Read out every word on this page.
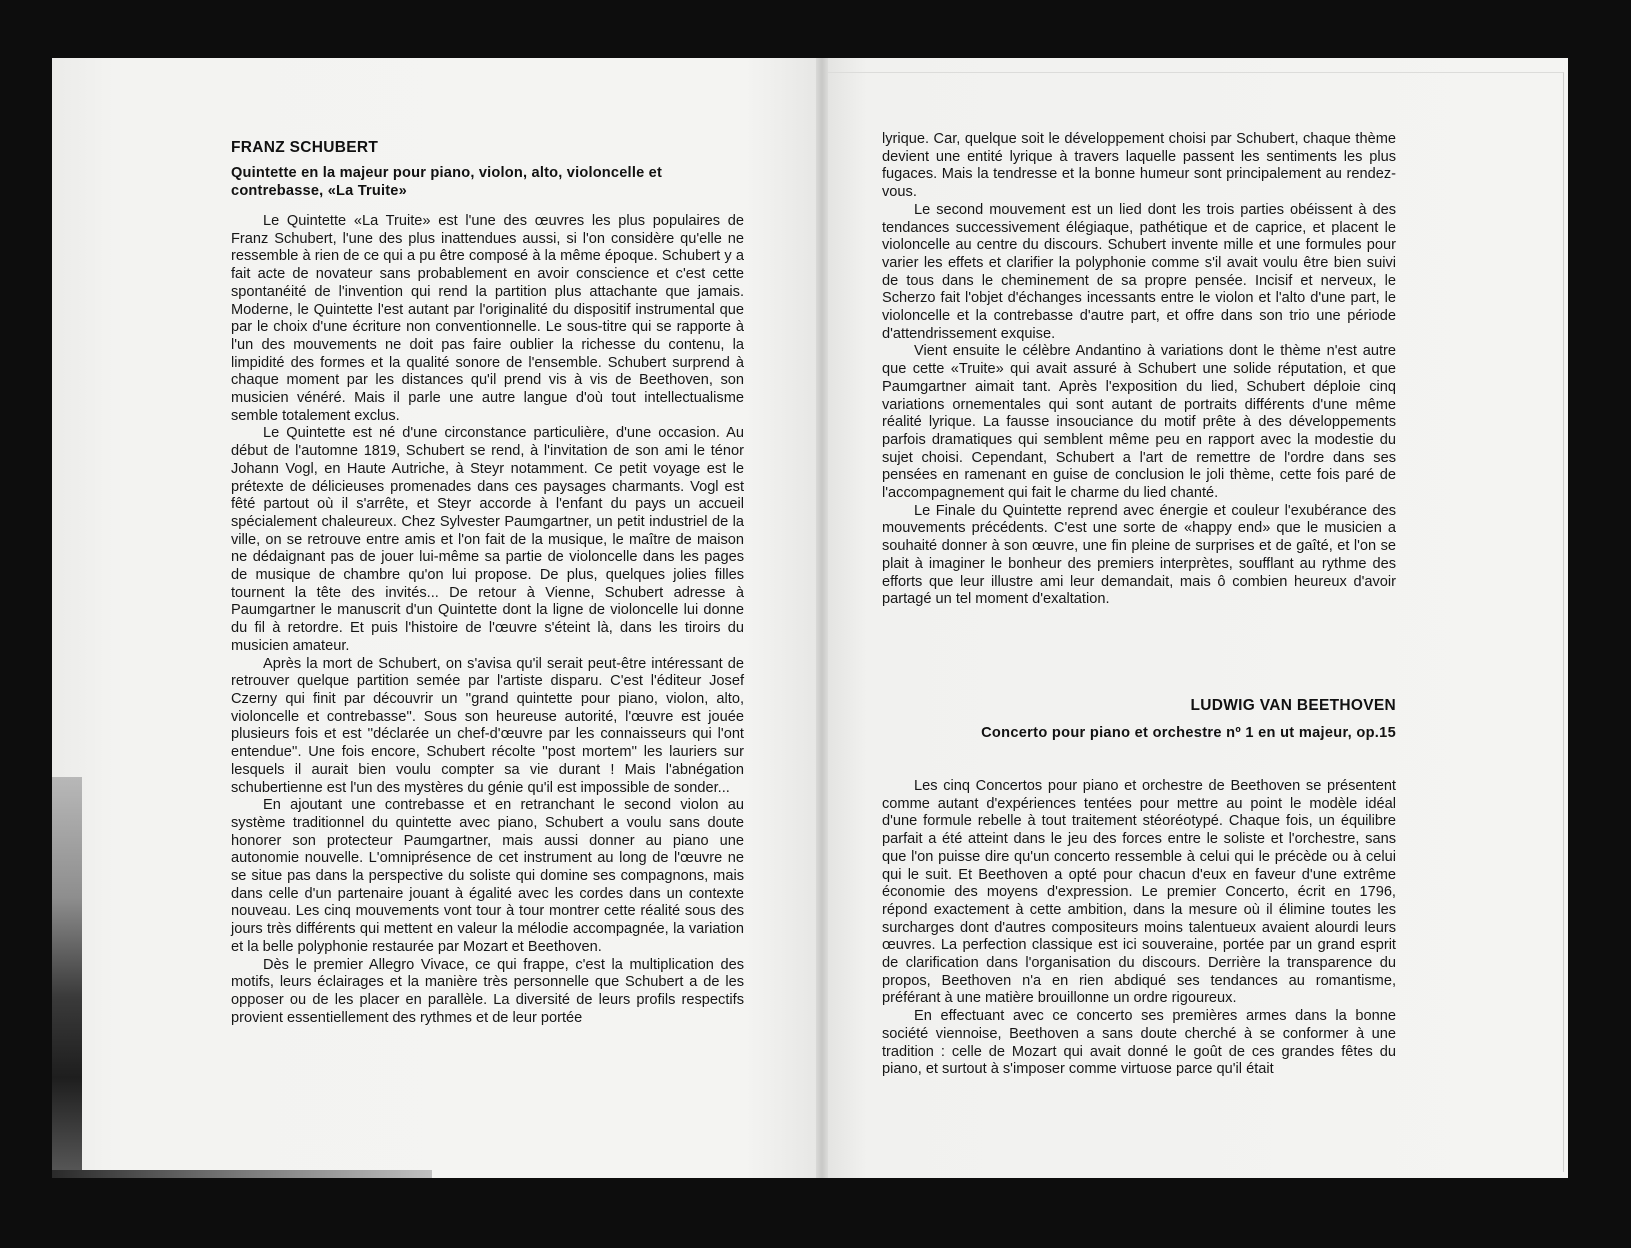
FRANZ SCHUBERT
Quintette en la majeur pour piano, violon, alto, violoncelle et contrebasse, «La Truite»

Le Quintette «La Truite» est l'une des œuvres les plus populaires de Franz Schubert, l'une des plus inattendues aussi, si l'on considère qu'elle ne ressemble à rien de ce qui a pu être composé à la même époque. Schubert y a fait acte de novateur sans probablement en avoir conscience et c'est cette spontanéité de l'invention qui rend la partition plus attachante que jamais. Moderne, le Quintette l'est autant par l'originalité du dispositif instrumental que par le choix d'une écriture non conventionnelle. Le sous-titre qui se rapporte à l'un des mouvements ne doit pas faire oublier la richesse du contenu, la limpidité des formes et la qualité sonore de l'ensemble. Schubert surprend à chaque moment par les distances qu'il prend vis à vis de Beethoven, son musicien vénéré. Mais il parle une autre langue d'où tout intellectualisme semble totalement exclus.

Le Quintette est né d'une circonstance particulière, d'une occasion. Au début de l'automne 1819, Schubert se rend, à l'invitation de son ami le ténor Johann Vogl, en Haute Autriche, à Steyr notamment. Ce petit voyage est le prétexte de délicieuses promenades dans ces paysages charmants. Vogl est fêté partout où il s'arrête, et Steyr accorde à l'enfant du pays un accueil spécialement chaleureux. Chez Sylvester Paumgartner, un petit industriel de la ville, on se retrouve entre amis et l'on fait de la musique, le maître de maison ne dédaignant pas de jouer lui-même sa partie de violoncelle dans les pages de musique de chambre qu'on lui propose. De plus, quelques jolies filles tournent la tête des invités... De retour à Vienne, Schubert adresse à Paumgartner le manuscrit d'un Quintette dont la ligne de violoncelle lui donne du fil à retordre. Et puis l'histoire de l'œuvre s'éteint là, dans les tiroirs du musicien amateur.

Après la mort de Schubert, on s'avisa qu'il serait peut-être intéressant de retrouver quelque partition semée par l'artiste disparu. C'est l'éditeur Josef Czerny qui finit par découvrir un ''grand quintette pour piano, violon, alto, violoncelle et contrebasse''. Sous son heureuse autorité, l'œuvre est jouée plusieurs fois et est ''déclarée un chef-d'œuvre par les connaisseurs qui l'ont entendue''. Une fois encore, Schubert récolte ''post mortem'' les lauriers sur lesquels il aurait bien voulu compter sa vie durant ! Mais l'abnégation schubertienne est l'un des mystères du génie qu'il est impossible de sonder...

En ajoutant une contrebasse et en retranchant le second violon au système traditionnel du quintette avec piano, Schubert a voulu sans doute honorer son protecteur Paumgartner, mais aussi donner au piano une autonomie nouvelle. L'omniprésence de cet instrument au long de l'œuvre ne se situe pas dans la perspective du soliste qui domine ses compagnons, mais dans celle d'un partenaire jouant à égalité avec les cordes dans un contexte nouveau. Les cinq mouvements vont tour à tour montrer cette réalité sous des jours très différents qui mettent en valeur la mélodie accompagnée, la variation et la belle polyphonie restaurée par Mozart et Beethoven.

Dès le premier Allegro Vivace, ce qui frappe, c'est la multiplication des motifs, leurs éclairages et la manière très personnelle que Schubert a de les opposer ou de les placer en parallèle. La diversité de leurs profils respectifs provient essentiellement des rythmes et de leur portée

lyrique. Car, quelque soit le développement choisi par Schubert, chaque thème devient une entité lyrique à travers laquelle passent les sentiments les plus fugaces. Mais la tendresse et la bonne humeur sont principalement au rendez-vous.

Le second mouvement est un lied dont les trois parties obéissent à des tendances successivement élégiaque, pathétique et de caprice, et placent le violoncelle au centre du discours. Schubert invente mille et une formules pour varier les effets et clarifier la polyphonie comme s'il avait voulu être bien suivi de tous dans le cheminement de sa propre pensée. Incisif et nerveux, le Scherzo fait l'objet d'échanges incessants entre le violon et l'alto d'une part, le violoncelle et la contrebasse d'autre part, et offre dans son trio une période d'attendrissement exquise.

Vient ensuite le célèbre Andantino à variations dont le thème n'est autre que cette «Truite» qui avait assuré à Schubert une solide réputation, et que Paumgartner aimait tant. Après l'exposition du lied, Schubert déploie cinq variations ornementales qui sont autant de portraits différents d'une même réalité lyrique. La fausse insouciance du motif prête à des développements parfois dramatiques qui semblent même peu en rapport avec la modestie du sujet choisi. Cependant, Schubert a l'art de remettre de l'ordre dans ses pensées en ramenant en guise de conclusion le joli thème, cette fois paré de l'accompagnement qui fait le charme du lied chanté.

Le Finale du Quintette reprend avec énergie et couleur l'exubérance des mouvements précédents. C'est une sorte de «happy end» que le musicien a souhaité donner à son œuvre, une fin pleine de surprises et de gaîté, et l'on se plait à imaginer le bonheur des premiers interprètes, soufflant au rythme des efforts que leur illustre ami leur demandait, mais ô combien heureux d'avoir partagé un tel moment d'exaltation.

LUDWIG VAN BEETHOVEN
Concerto pour piano et orchestre nº 1 en ut majeur, op.15

Les cinq Concertos pour piano et orchestre de Beethoven se présentent comme autant d'expériences tentées pour mettre au point le modèle idéal d'une formule rebelle à tout traitement stéoréotypé. Chaque fois, un équilibre parfait a été atteint dans le jeu des forces entre le soliste et l'orchestre, sans que l'on puisse dire qu'un concerto ressemble à celui qui le précède ou à celui qui le suit. Et Beethoven a opté pour chacun d'eux en faveur d'une extrême économie des moyens d'expression. Le premier Concerto, écrit en 1796, répond exactement à cette ambition, dans la mesure où il élimine toutes les surcharges dont d'autres compositeurs moins talentueux avaient alourdi leurs œuvres. La perfection classique est ici souveraine, portée par un grand esprit de clarification dans l'organisation du discours. Derrière la transparence du propos, Beethoven n'a en rien abdiqué ses tendances au romantisme, préférant à une matière brouillonne un ordre rigoureux.

En effectuant avec ce concerto ses premières armes dans la bonne société viennoise, Beethoven a sans doute cherché à se conformer à une tradition : celle de Mozart qui avait donné le goût de ces grandes fêtes du piano, et surtout à s'imposer comme virtuose parce qu'il était
